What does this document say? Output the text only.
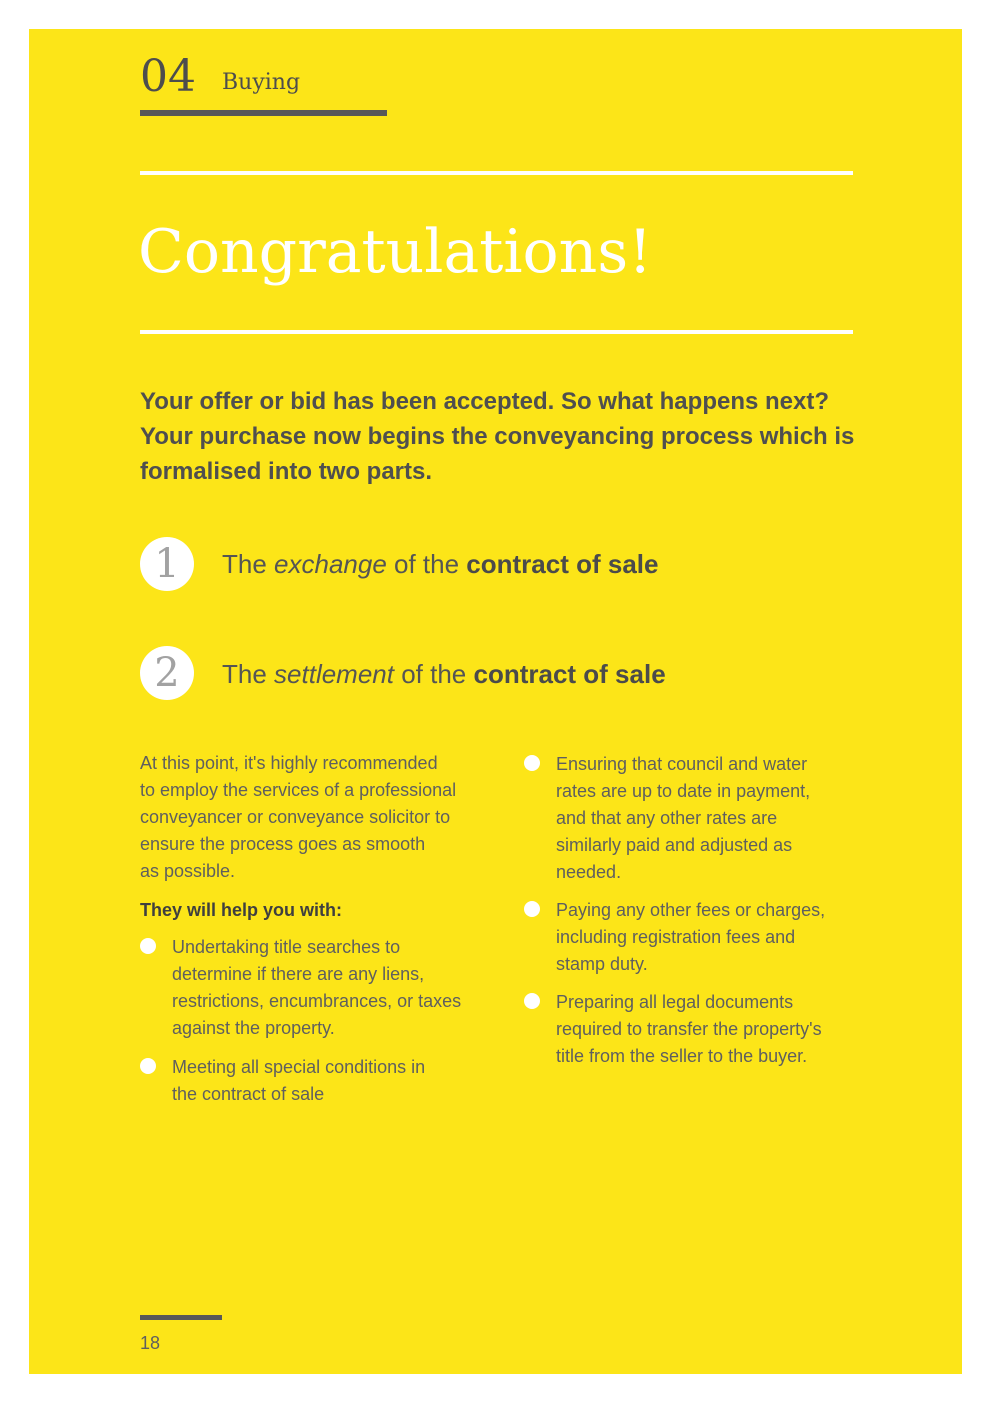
04 Buying
Congratulations!
Your offer or bid has been accepted. So what happens next? Your purchase now begins the conveyancing process which is formalised into two parts.
1	The exchange of the contract of sale
2	The settlement of the contract of sale
At this point, it's highly recommended
to employ the services of a professional
conveyancer or conveyance solicitor to
ensure the process goes as smooth
as possible.
They will help you with:
Undertaking title searches to
determine if there are any liens,
restrictions, encumbrances, or taxes
against the property.
Meeting all special conditions in
the contract of sale
Ensuring that council and water
rates are up to date in payment,
and that any other rates are
similarly paid and adjusted as
needed.
Paying any other fees or charges,
including registration fees and
stamp duty.
Preparing all legal documents
required to transfer the property's
title from the seller to the buyer.
18
